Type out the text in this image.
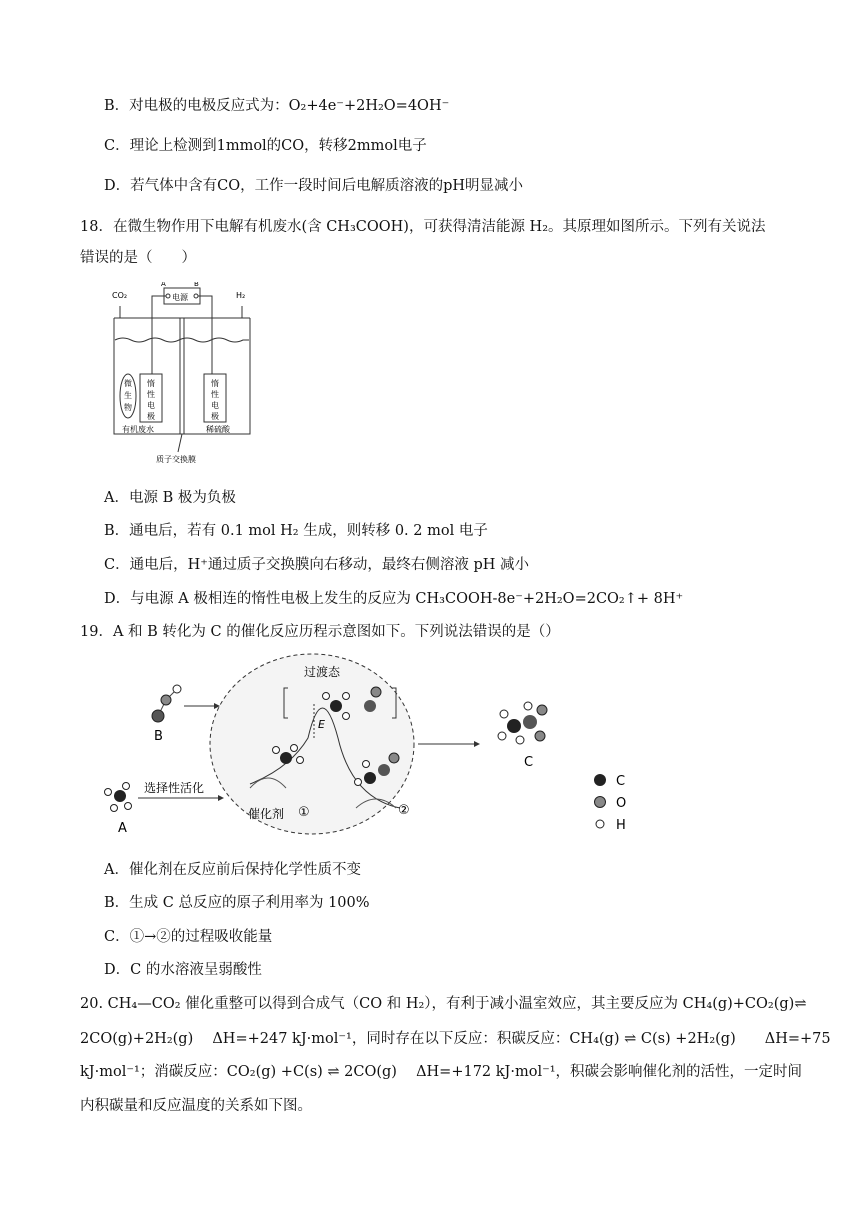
B．对电极的电极反应式为：O₂+4e⁻+2H₂O=4OH⁻
C．理论上检测到1mmol的CO，转移2mmol电子
D．若气体中含有CO，工作一段时间后电解质溶液的pH明显减小
18．在微生物作用下电解有机废水(含 CH₃COOH)，可获得清洁能源 H₂。其原理如图所示。下列有关说法
错误的是（　　）
CO₂	H₂
A	B
电源
微
生
物
惰
性
电
极
惰
性
电
极
有机废水	稀硫酸
质子交换膜
A．电源 B 极为负极
B．通电后，若有 0.1 mol H₂ 生成，则转移 0. 2 mol 电子
C．通电后，H⁺通过质子交换膜向右移动，最终右侧溶液 pH 减小
D．与电源 A 极相连的惰性电极上发生的反应为 CH₃COOH-8e⁻+2H₂O=2CO₂↑+ 8H⁺
19．A 和 B 转化为 C 的催化反应历程示意图如下。下列说法错误的是（）
B
A
选择性活化
E
过渡态
催化剂 ①	②
C
C
O
H
A．催化剂在反应前后保持化学性质不变
B．生成 C 总反应的原子利用率为 100%
C．①→②的过程吸收能量
D．C 的水溶液呈弱酸性
20. CH₄—CO₂ 催化重整可以得到合成气（CO 和 H₂），有利于减小温室效应，其主要反应为 CH₄(g)+CO₂(g)⇌
2CO(g)+2H₂(g)　 ΔH=+247 kJ·mol⁻¹，同时存在以下反应：积碳反应：CH₄(g) ⇌ C(s) +2H₂(g)　　ΔH=+75
kJ·mol⁻¹；消碳反应：CO₂(g) +C(s) ⇌ 2CO(g)　 ΔH=+172 kJ·mol⁻¹，积碳会影响催化剂的活性，一定时间
内积碳量和反应温度的关系如下图。
